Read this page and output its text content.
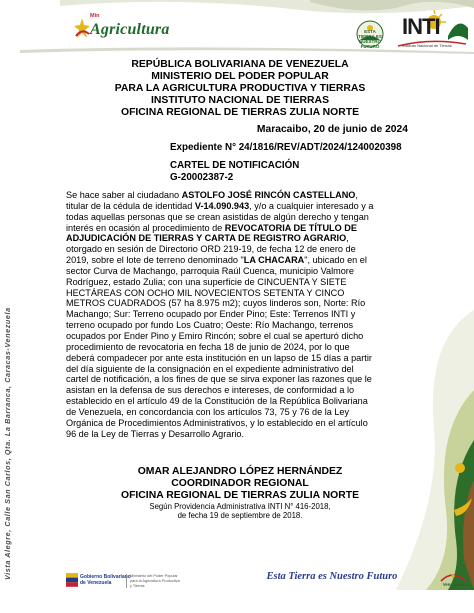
Min
Agricultura	ESTA TIERRA ES NUESTRO FUTURO
INTI
Instituto Nacional de Tierras
Vista Alegre, Calle San Carlos, Qta. La Barranca, Caracas-Venezuela
REPÚBLICA BOLIVARIANA DE VENEZUELA
MINISTERIO DEL PODER POPULAR
PARA LA AGRICULTURA PRODUCTIVA Y TIERRAS
INSTITUTO NACIONAL DE TIERRAS
OFICINA REGIONAL DE TIERRAS ZULIA NORTE
Maracaibo, 20 de junio de 2024
Expediente N° 24/1816/REV/ADT/2024/1240020398
CARTEL DE NOTIFICACIÓN
G-20002387-2
Se hace saber al ciudadano ASTOLFO JOSÉ RINCÓN CASTELLANO,
titular de la cédula de identidad V-14.090.943, y/o a cualquier interesado y a
todas aquellas personas que se crean asistidas de algún derecho y tengan
interés en ocasión al procedimiento de REVOCATORIA DE TÍTULO DE
ADJUDICACIÓN DE TIERRAS Y CARTA DE REGISTRO AGRARIO,
otorgado en sesión de Directorio ORD 219-19, de fecha 12 de enero de
2019, sobre el lote de terreno denominado "LA CHACARA", ubicado en el
sector Curva de Machango, parroquia Raúl Cuenca, municipio Valmore
Rodríguez, estado Zulia; con una superficie de CINCUENTA Y SIETE
HECTÁREAS CON OCHO MIL NOVECIENTOS SETENTA Y CINCO
METROS CUADRADOS (57 ha 8.975 m2); cuyos linderos son, Norte: Río
Machango; Sur: Terreno ocupado por Ender Pino; Este: Terrenos INTI y
terreno ocupado por fundo Los Cuatro; Oeste: Río Machango, terrenos
ocupados por Ender Pino y Emiro Rincón; sobre el cual se aperturó dicho
procedimiento de revocatoria en fecha 18 de junio de 2024, por lo que
deberá compadecer por ante esta institución en un lapso de 15 días a partir
del día siguiente de la consignación en el expediente administrativo del
cartel de notificación, a los fines de que se sirva exponer las razones que le
asistan en la defensa de sus derechos e intereses, de conformidad a lo
establecido en el artículo 49 de la Constitución de la República Bolivariana
de Venezuela, en concordancia con los artículos 73, 75 y 76 de la Ley
Orgánica de Procedimientos Administrativos, y lo establecido en el artículo
96 de la Ley de Tierras y Desarrollo Agrario.
OMAR ALEJANDRO LÓPEZ HERNÁNDEZ
COORDINADOR REGIONAL
OFICINA REGIONAL DE TIERRAS ZULIA NORTE
Según Providencia Administrativa INTI N° 416-2018,
de fecha 19 de septiembre de 2018.
Gobierno Bolivariano
de Venezuela
Ministerio del Poder Popular
para la Agricultura Productiva
y Tierras
Esta Tierra es Nuestro Futuro
Venezuela
